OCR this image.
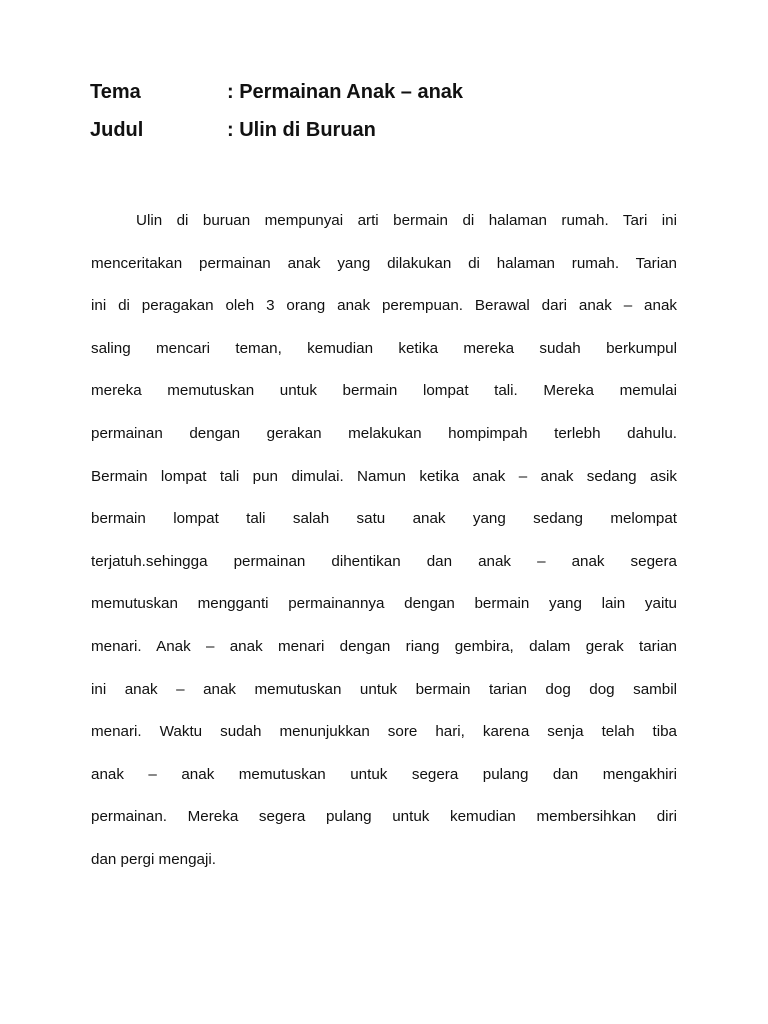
Tema	: Permainan Anak – anak
Judul	: Ulin di Buruan
Ulin di buruan mempunyai arti bermain di halaman rumah. Tari ini
menceritakan permainan anak yang dilakukan di halaman rumah. Tarian
ini di peragakan oleh 3 orang anak perempuan. Berawal dari anak – anak
saling mencari teman, kemudian ketika mereka sudah berkumpul
mereka memutuskan untuk bermain lompat tali. Mereka memulai
permainan dengan gerakan melakukan hompimpah terlebh dahulu.
Bermain lompat tali pun dimulai. Namun ketika anak – anak sedang asik
bermain lompat tali salah satu anak yang sedang melompat
terjatuh.sehingga permainan dihentikan dan anak – anak segera
memutuskan mengganti permainannya dengan bermain yang lain yaitu
menari. Anak – anak menari dengan riang gembira, dalam gerak tarian
ini anak – anak memutuskan untuk bermain tarian dog dog sambil
menari. Waktu sudah menunjukkan sore hari, karena senja telah tiba
anak – anak memutuskan untuk segera pulang dan mengakhiri
permainan. Mereka segera pulang untuk kemudian membersihkan diri
dan pergi mengaji.
